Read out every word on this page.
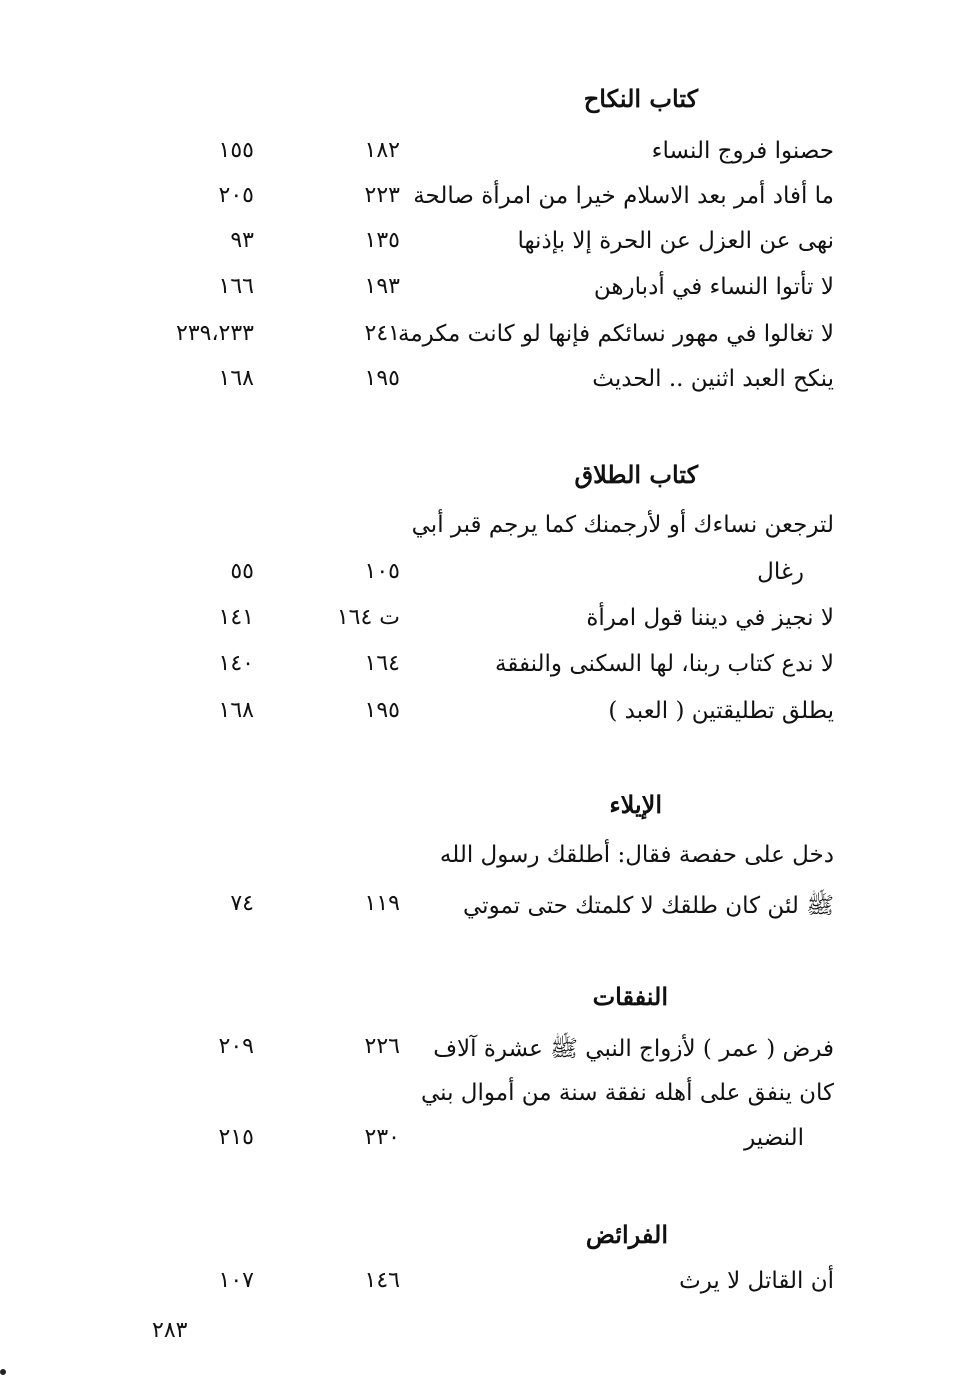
كتاب النكاح
حصنوا فروج النساء
١٨٢
١٥٥
ما أفاد أمر بعد الاسلام خيرا من امرأة صالحة
٢٢٣
٢٠٥
نهى عن العزل عن الحرة إلا بإذنها
١٣٥
٩٣
لا تأتوا النساء في أدبارهن
١٩٣
١٦٦
لا تغالوا في مهور نسائكم فإنها لو كانت مكرمة
٢٤١
٢٣٩،٢٣٣
ينكح العبد اثنين .. الحديث
١٩٥
١٦٨
كتاب الطلاق
لترجعن نساءك أو لأرجمنك كما يرجم قبر أبي
رغال
١٠٥
٥٥
لا نجيز في ديننا قول امرأة
ت ١٦٤
١٤١
لا ندع كتاب ربنا، لها السكنى والنفقة
١٦٤
١٤٠
يطلق تطليقتين ( العبد )
١٩٥
١٦٨
الإيلاء
دخل على حفصة فقال: أطلقك رسول الله
ﷺ لئن كان طلقك لا كلمتك حتى تموتي
١١٩
٧٤
النفقات
فرض ( عمر ) لأزواج النبي ﷺ عشرة آلاف
٢٢٦
٢٠٩
كان ينفق على أهله نفقة سنة من أموال بني
النضير
٢٣٠
٢١٥
الفرائض
أن القاتل لا يرث
١٤٦
١٠٧
٢٨٣
